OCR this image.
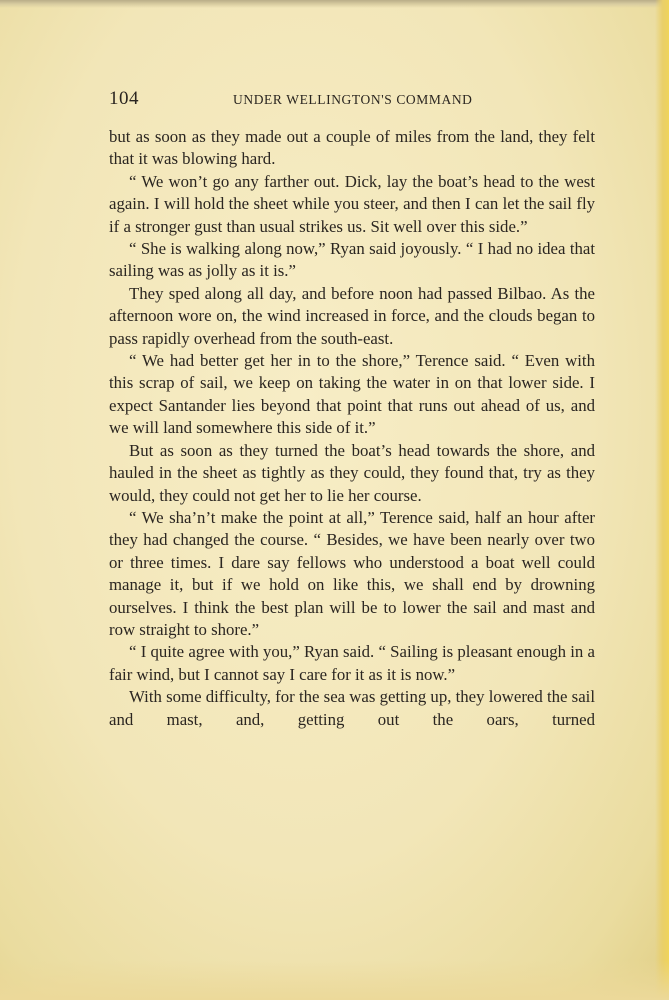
104	UNDER WELLINGTON'S COMMAND

but as soon as they made out a couple of miles from the land, they felt that it was blowing hard.

“ We won’t go any farther out. Dick, lay the boat’s head to the west again. I will hold the sheet while you steer, and then I can let the sail fly if a stronger gust than usual strikes us. Sit well over this side.”

“ She is walking along now,” Ryan said joyously. “ I had no idea that sailing was as jolly as it is.”

They sped along all day, and before noon had passed Bilbao. As the afternoon wore on, the wind increased in force, and the clouds began to pass rapidly overhead from the south-east.

“ We had better get her in to the shore,” Terence said. “ Even with this scrap of sail, we keep on taking the water in on that lower side. I expect Santander lies beyond that point that runs out ahead of us, and we will land somewhere this side of it.”

But as soon as they turned the boat’s head towards the shore, and hauled in the sheet as tightly as they could, they found that, try as they would, they could not get her to lie her course.

“ We sha’n’t make the point at all,” Terence said, half an hour after they had changed the course. “ Besides, we have been nearly over two or three times. I dare say fellows who understood a boat well could manage it, but if we hold on like this, we shall end by drowning ourselves. I think the best plan will be to lower the sail and mast and row straight to shore.”

“ I quite agree with you,” Ryan said. “ Sailing is pleasant enough in a fair wind, but I cannot say I care for it as it is now.”

With some difficulty, for the sea was getting up, they lowered the sail and mast, and, getting out the oars, turned
